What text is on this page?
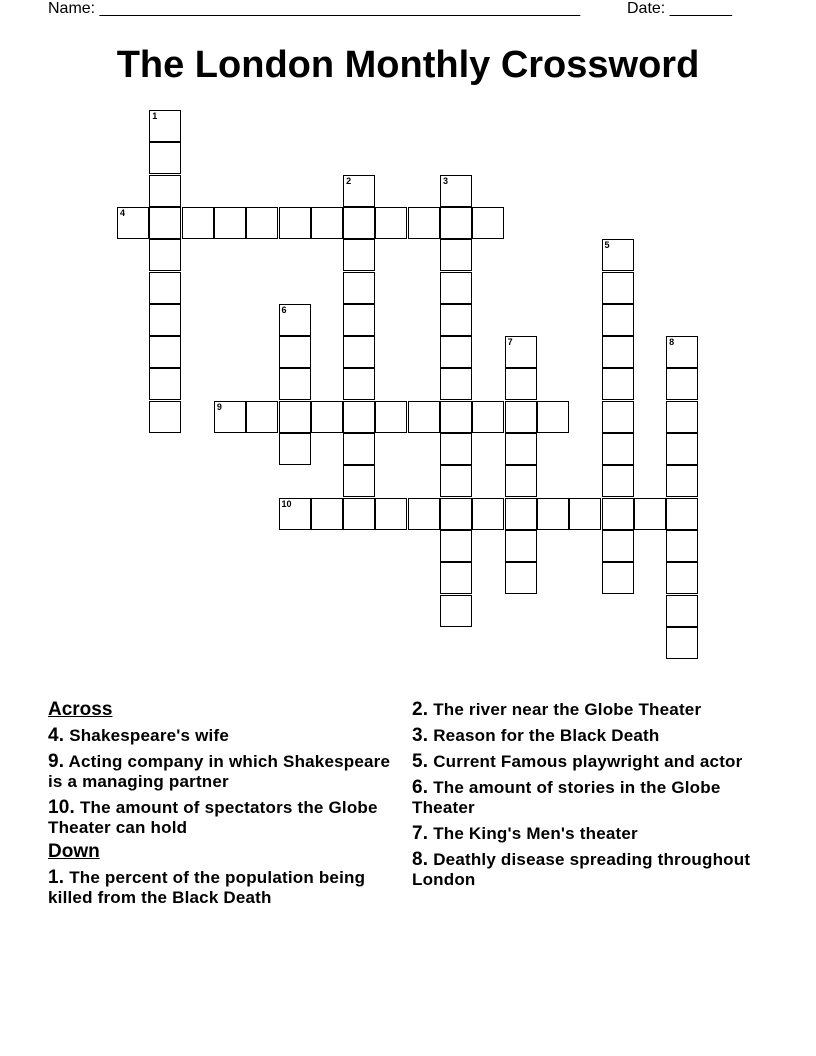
Name: ______________________________________________________	Date: _______
The London Monthly Crossword
1
2	3
4
5
6
7	8
9
10
Across
4. Shakespeare's wife
9. Acting company in which Shakespeare is a managing partner
10. The amount of spectators the Globe Theater can hold
Down
1. The percent of the population being killed from the Black Death
2. The river near the Globe Theater
3. Reason for the Black Death
5. Current Famous playwright and actor
6. The amount of stories in the Globe Theater
7. The King's Men's theater
8. Deathly disease spreading throughout London
